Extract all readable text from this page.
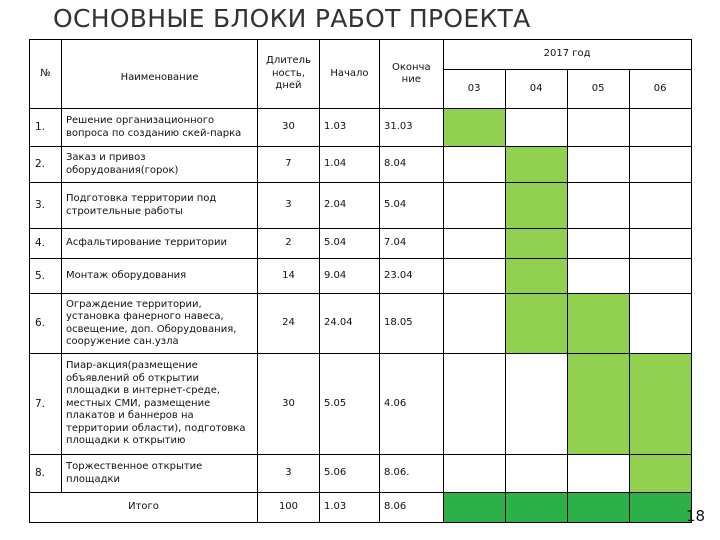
ОСНОВНЫЕ БЛОКИ РАБОТ ПРОЕКТА
№	Наименование	Длитель ность, дней	Начало	Оконча ние	2017 год			
					03	04	05	06
1.	Решение организационного вопроса по созданию скей-парка	30	1.03	31.03				
2.	Заказ и привоз оборудования(горок)	7	1.04	8.04				
3.	Подготовка территории под строительные работы	3	2.04	5.04				
4.	Асфальтирование территории	2	5.04	7.04				
5.	Монтаж оборудования	14	9.04	23.04				
6.	Ограждение территории, установка фанерного навеса, освещение, доп. Оборудования, сооружение сан.узла	24	24.04	18.05				
7.	Пиар-акция(размещение объявлений об открытии площадки в интернет-среде, местных СМИ, размещение плакатов и баннеров на территории области), подготовка площадки к открытию	30	5.05	4.06				
8.	Торжественное открытие площадки	3	5.06	8.06.				
Итого		100	1.03	8.06				
18
